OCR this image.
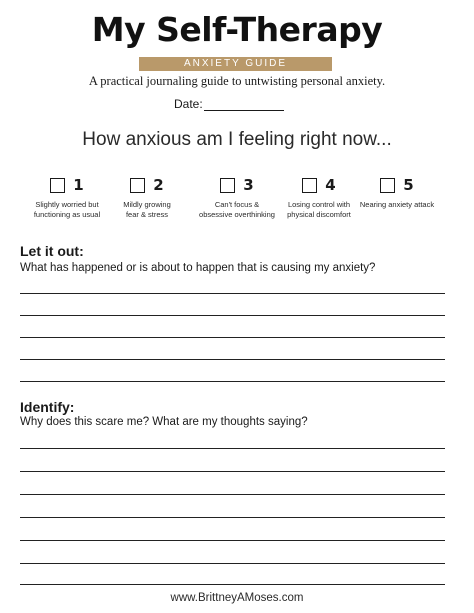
My Self-Therapy
ANXIETY GUIDE
A practical journaling guide to untwisting personal anxiety.
Date:
How anxious am I feeling right now...
1
Slightly worried but
functioning as usual
2
Mildly growing
fear & stress
3
Can't focus &
obsessive overthinking
4
Losing control with
physical discomfort
5
Nearing anxiety attack
Let it out:
What has happened or is about to happen that is causing my anxiety?
Identify:
Why does this scare me? What are my thoughts saying?
www.BrittneyAMoses.com
